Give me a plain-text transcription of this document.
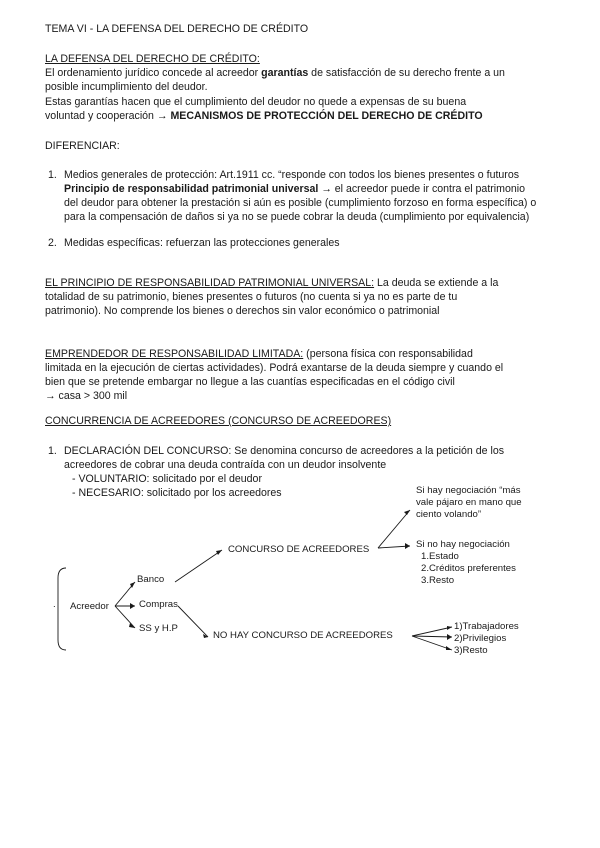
TEMA VI - LA DEFENSA DEL DERECHO DE CRÉDITO
LA DEFENSA DEL DERECHO DE CRÉDITO:
El ordenamiento jurídico concede al acreedor garantías de satisfacción de su derecho frente a un
posible incumplimiento del deudor.
Estas garantías hacen que el cumplimiento del deudor no quede a expensas de su buena
voluntad y cooperación → MECANISMOS DE PROTECCIÓN DEL DERECHO DE CRÉDITO
DIFERENCIAR:
1. Medios generales de protección: Art.1911 cc. “responde con todos los bienes presentes o futuros
Principio de responsabilidad patrimonial universal → el acreedor puede ir contra el patrimonio
del deudor para obtener la prestación si aún es posible (cumplimiento forzoso en forma específica) o
para la compensación de daños si ya no se puede cobrar la deuda (cumplimiento por equivalencia)
2. Medidas específicas: refuerzan las protecciones generales
EL PRINCIPIO DE RESPONSABILIDAD PATRIMONIAL UNIVERSAL: La deuda se extiende a la
totalidad de su patrimonio, bienes presentes o futuros (no cuenta si ya no es parte de tu
patrimonio). No comprende los bienes o derechos sin valor económico o patrimonial
EMPRENDEDOR DE RESPONSABILIDAD LIMITADA: (persona física con responsabilidad
limitada en la ejecución de ciertas actividades). Podrá exantarse de la deuda siempre y cuando el
bien que se pretende embargar no llegue a las cuantías especificadas en el código civil
→ casa > 300 mil
CONCURRENCIA DE ACREEDORES (CONCURSO DE ACREEDORES)
1. DECLARACIÓN DEL CONCURSO: Se denomina concurso de acreedores a la petición de los
acreedores de cobrar una deuda contraída con un deudor insolvente
- VOLUNTARIO: solicitado por el deudor
- NECESARIO: solicitado por los acreedores
. Acreedor
Banco
Compras
SS y H.P
CONCURSO DE ACREEDORES
NO HAY CONCURSO DE ACREEDORES
Si hay negociación “más
vale pájaro en mano que
ciento volando”
Si no hay negociación
1.Estado
2.Créditos preferentes
3.Resto
1)Trabajadores
2)Privilegios
3)Resto
